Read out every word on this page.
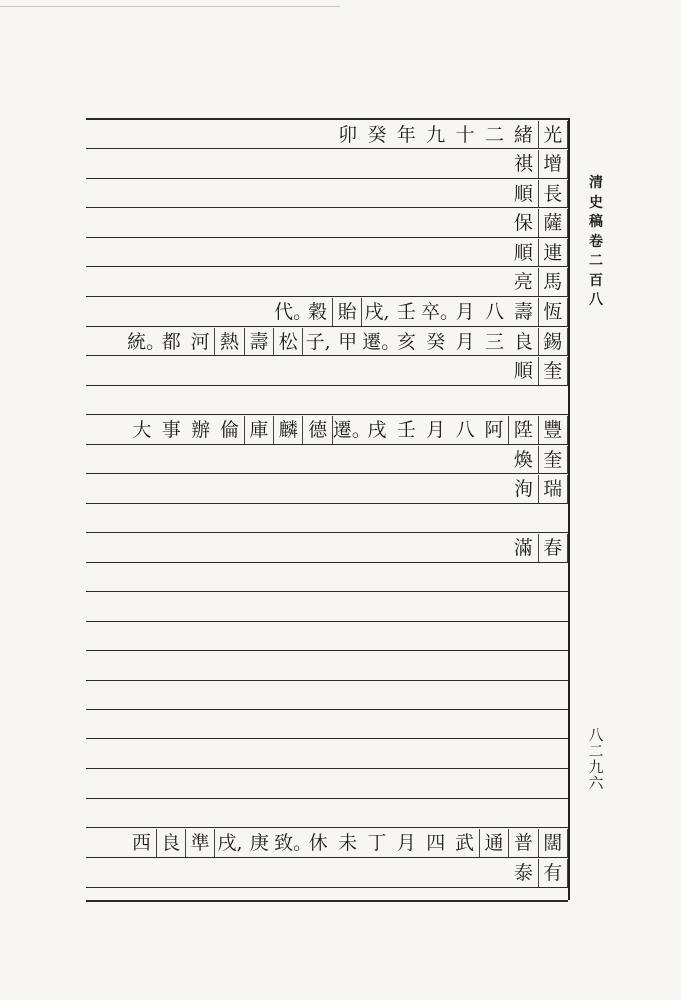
光
緒
二
十
九
年
癸
卯
增
祺
長
順
薩
保
連
順
馬
亮
恆
壽
八
月
卒。
壬
戌,
貽
穀
代。
錫
良
三
月
癸
亥
遷。
甲
子,
松
壽
熱
河
都
統。
奎
順
豐
陞
阿
八
月
壬
戌
遷。
德
麟
庫
倫
辦
事
大
奎
煥
瑞
洵
春
滿
闊
普
通
武
四
月
丁
未
休
致。
庚
戌,
準
良
西
有
泰
清史稿卷二百八
八二九六
